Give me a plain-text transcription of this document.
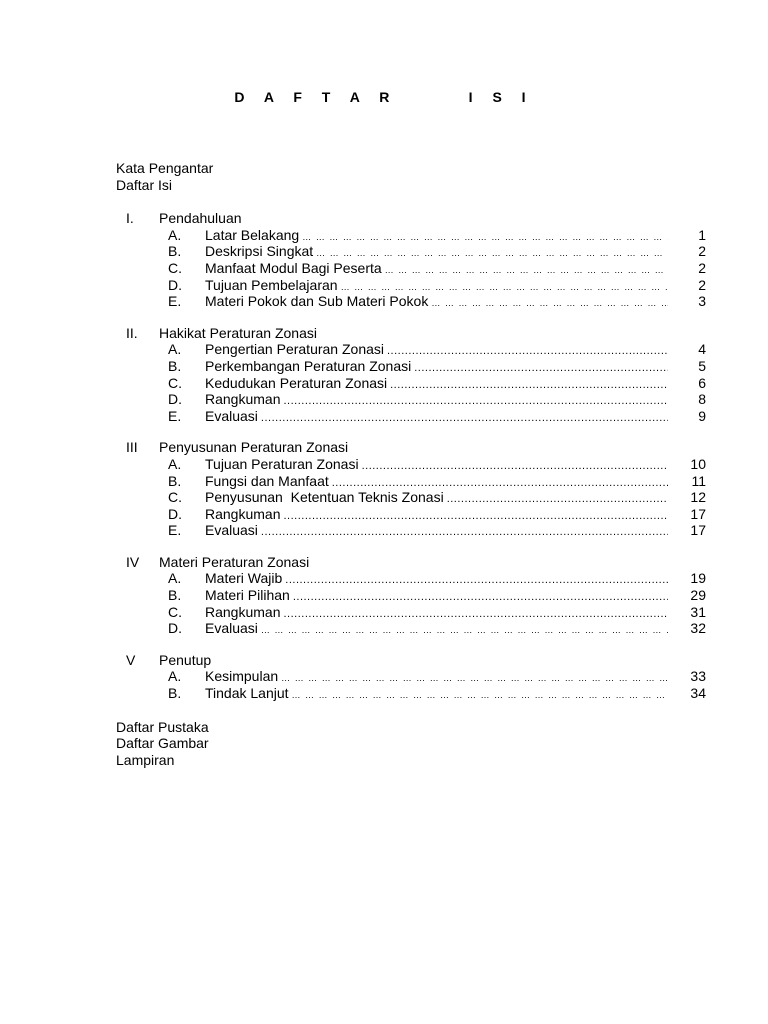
D A F T A R	I S I
Kata Pengantar
Daftar Isi
I.	Pendahuluan
A.	Latar Belakang … … … … … … … … … … … … … … … … … … … … … … … … … … … … … … … … … … … … … … … … … … … … … … … … … … … … …	1
B.	Deskripsi Singkat … … … … … … … … … … … … … … … … … … … … … … … … … … … … … … … … … … … … … … … … … … … … … … … … … … … … …	2
C.	Manfaat Modul Bagi Peserta … … … … … … … … … … … … … … … … … … … … … … … … … … … … … … … … … … … … … … … … … … … … … … … … … … … … …	2
D.	Tujuan Pembelajaran … … … … … … … … … … … … … … … … … … … … … … … … … … … … … … … … … … … … … … … … … … … … … … … … … … … … …	2
E.	Materi Pokok dan Sub Materi Pokok … … … … … … … … … … … … … … … … … … … … … … … … … … … … … … … … … … … … … … … … … … … … … … … … … … … … …	3
II.	Hakikat Peraturan Zonasi
A.	Pengertian Peraturan Zonasi .....	4
B.	Perkembangan Peraturan Zonasi .....	5
C.	Kedudukan Peraturan Zonasi .....	6
D.	Rangkuman .....	8
E.	Evaluasi .....	9
III	Penyusunan Peraturan Zonasi
A.	Tujuan Peraturan Zonasi .....	10
B.	Fungsi dan Manfaat .....	11
C.	Penyusunan  Ketentuan Teknis Zonasi .....	12
D.	Rangkuman .....	17
E.	Evaluasi .....	17
IV	Materi Peraturan Zonasi
A.	Materi Wajib .....	19
B.	Materi Pilihan .....	29
C.	Rangkuman .....	31
D.	Evaluasi … … … … … … … … … … … … … … … … … … … … … … … … … … … … … … … … … … … … … … … … … … … … … … … … … … … … …	32
V	Penutup
A.	Kesimpulan … … … … … … … … … … … … … … … … … … … … … … … … … … … … … … … … … … … … … … … … … … … … … … … … … … … … …	33
B.	Tindak Lanjut … … … … … … … … … … … … … … … … … … … … … … … … … … … … … … … … … … … … … … … … … … … … … … … … … … … … …	34
Daftar Pustaka
Daftar Gambar
Lampiran
